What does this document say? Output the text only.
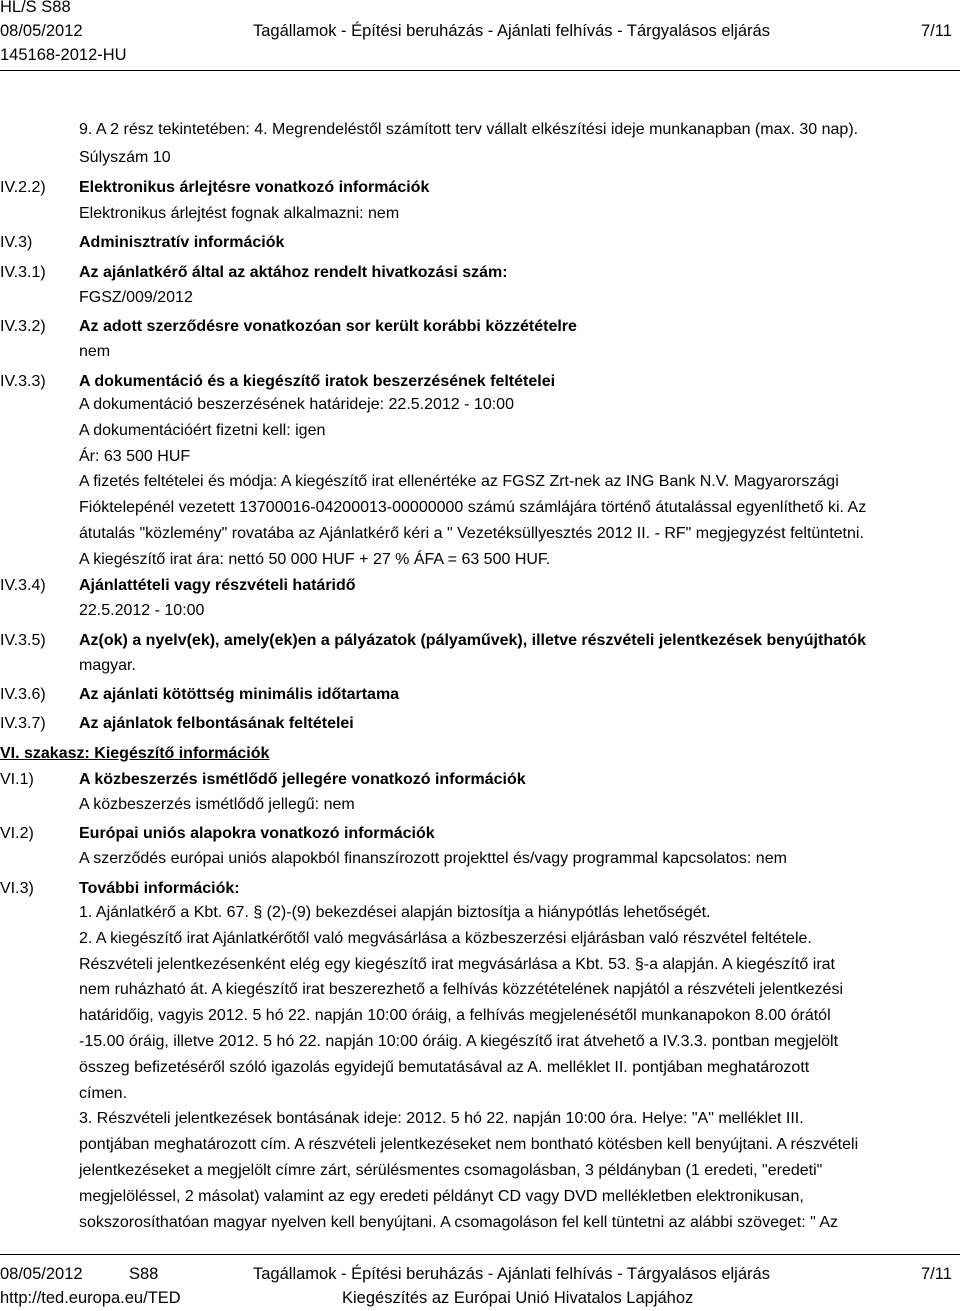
HL/S S88
08/05/2012	Tagállamok - Építési beruházás - Ajánlati felhívás - Tárgyalásos eljárás	7/11
145168-2012-HU
9. A 2 rész tekintetében: 4. Megrendeléstől számított terv vállalt elkészítési ideje munkanapban (max. 30 nap).
Súlyszám 10
IV.2.2) Elektronikus árlejtésre vonatkozó információk
Elektronikus árlejtést fognak alkalmazni: nem
IV.3)	Adminisztratív információk
IV.3.1) Az ajánlatkérő által az aktához rendelt hivatkozási szám:
FGSZ/009/2012
IV.3.2) Az adott szerződésre vonatkozóan sor került korábbi közzétételre
nem
IV.3.3) A dokumentáció és a kiegészítő iratok beszerzésének feltételei
A dokumentáció beszerzésének határideje: 22.5.2012 - 10:00
A dokumentációért fizetni kell: igen
Ár: 63 500 HUF
A fizetés feltételei és módja: A kiegészítő irat ellenértéke az FGSZ Zrt-nek az ING Bank N.V. Magyarországi
Fióktelepénél vezetett 13700016-04200013-00000000 számú számlájára történő átutalással egyenlíthető ki. Az
átutalás "közlemény" rovatába az Ajánlatkérő kéri a " Vezetéksüllyesztés 2012 II. - RF" megjegyzést feltüntetni.
A kiegészítő irat ára: nettó 50 000 HUF + 27 % ÁFA = 63 500 HUF.
IV.3.4) Ajánlattételi vagy részvételi határidő
22.5.2012 - 10:00
IV.3.5) Az(ok) a nyelv(ek), amely(ek)en a pályázatok (pályaművek), illetve részvételi jelentkezések benyújthatók
magyar.
IV.3.6) Az ajánlati kötöttség minimális időtartama
IV.3.7) Az ajánlatok felbontásának feltételei
VI. szakasz: Kiegészítő információk
VI.1)	A közbeszerzés ismétlődő jellegére vonatkozó információk
A közbeszerzés ismétlődő jellegű: nem
VI.2)	Európai uniós alapokra vonatkozó információk
A szerződés európai uniós alapokból finanszírozott projekttel és/vagy programmal kapcsolatos: nem
VI.3)	További információk:
1. Ajánlatkérő a Kbt. 67. § (2)-(9) bekezdései alapján biztosítja a hiánypótlás lehetőségét.
2. A kiegészítő irat Ajánlatkérőtől való megvásárlása a közbeszerzési eljárásban való részvétel feltétele.
Részvételi jelentkezésenként elég egy kiegészítő irat megvásárlása a Kbt. 53. §-a alapján. A kiegészítő irat
nem ruházható át. A kiegészítő irat beszerezhető a felhívás közzétételének napjától a részvételi jelentkezési
határidőig, vagyis 2012. 5 hó 22. napján 10:00 óráig, a felhívás megjelenésétől munkanapokon 8.00 órától
-15.00 óráig, illetve 2012. 5 hó 22. napján 10:00 óráig. A kiegészítő irat átvehető a IV.3.3. pontban megjelölt
összeg befizetéséről szóló igazolás egyidejű bemutatásával az A. melléklet II. pontjában meghatározott
címen.
3. Részvételi jelentkezések bontásának ideje: 2012. 5 hó 22. napján 10:00 óra. Helye: "A" melléklet III.
pontjában meghatározott cím. A részvételi jelentkezéseket nem bontható kötésben kell benyújtani. A részvételi
jelentkezéseket a megjelölt címre zárt, sérülésmentes csomagolásban, 3 példányban (1 eredeti, "eredeti"
megjelöléssel, 2 másolat) valamint az egy eredeti példányt CD vagy DVD mellékletben elektronikusan,
sokszorosíthatóan magyar nyelven kell benyújtani. A csomagoláson fel kell tüntetni az alábbi szöveget: " Az
08/05/2012	S88	Tagállamok - Építési beruházás - Ajánlati felhívás - Tárgyalásos eljárás	7/11
http://ted.europa.eu/TED	Kiegészítés az Európai Unió Hivatalos Lapjához
